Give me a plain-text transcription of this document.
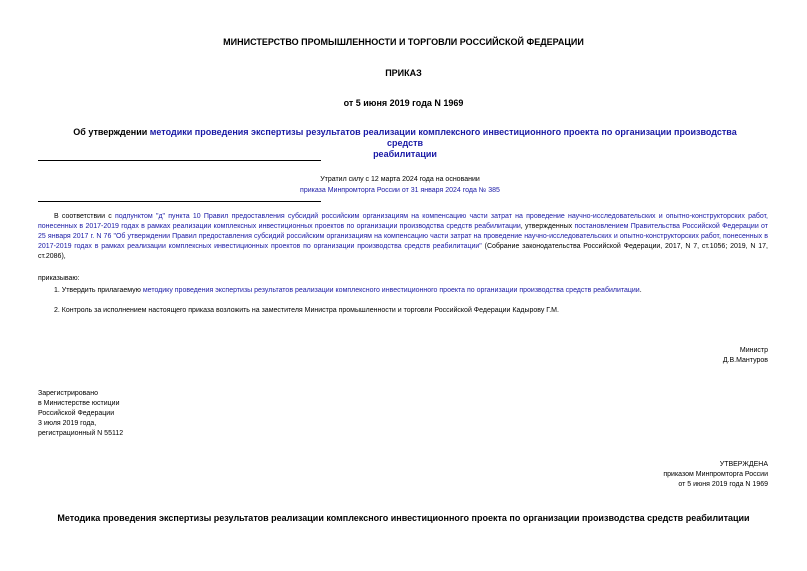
МИНИСТЕРСТВО ПРОМЫШЛЕННОСТИ И ТОРГОВЛИ РОССИЙСКОЙ ФЕДЕРАЦИИ
ПРИКАЗ
от 5 июня 2019 года N 1969
Об утверждении методики проведения экспертизы результатов реализации комплексного инвестиционного проекта по организации производства средств
реабилитации
Утратил силу с 12 марта 2024 года на основании
приказа Минпромторга России от 31 января 2024 года № 385
В соответствии с подпунктом "д" пункта 10 Правил предоставления субсидий российским организациям на компенсацию части затрат на проведение научно-исследовательских и опытно-конструкторских работ, понесенных в 2017-2019 годах в рамках реализации комплексных инвестиционных проектов по организации производства средств реабилитации, утвержденных постановлением Правительства Российской Федерации от 25 января 2017 г. N 76 "Об утверждении Правил предоставления субсидий российским организациям на компенсацию части затрат на проведение научно-исследовательских и опытно-конструкторских работ, понесенных в 2017-2019 годах в рамках реализации комплексных инвестиционных проектов по организации производства средств реабилитации" (Собрание законодательства Российской Федерации, 2017, N 7, ст.1056; 2019, N 17, ст.2086),
приказываю:
1. Утвердить прилагаемую методику проведения экспертизы результатов реализации комплексного инвестиционного проекта по организации производства средств реабилитации.
2. Контроль за исполнением настоящего приказа возложить на заместителя Министра промышленности и торговли Российской Федерации Кадырову Г.М.
Министр
Д.В.Мантуров
Зарегистрировано
в Министерстве юстиции
Российской Федерации
3 июля 2019 года,
регистрационный N 55112
УТВЕРЖДЕНА
приказом Минпромторга России
от 5 июня 2019 года N 1969
Методика проведения экспертизы результатов реализации комплексного инвестиционного проекта по организации производства средств реабилитации
